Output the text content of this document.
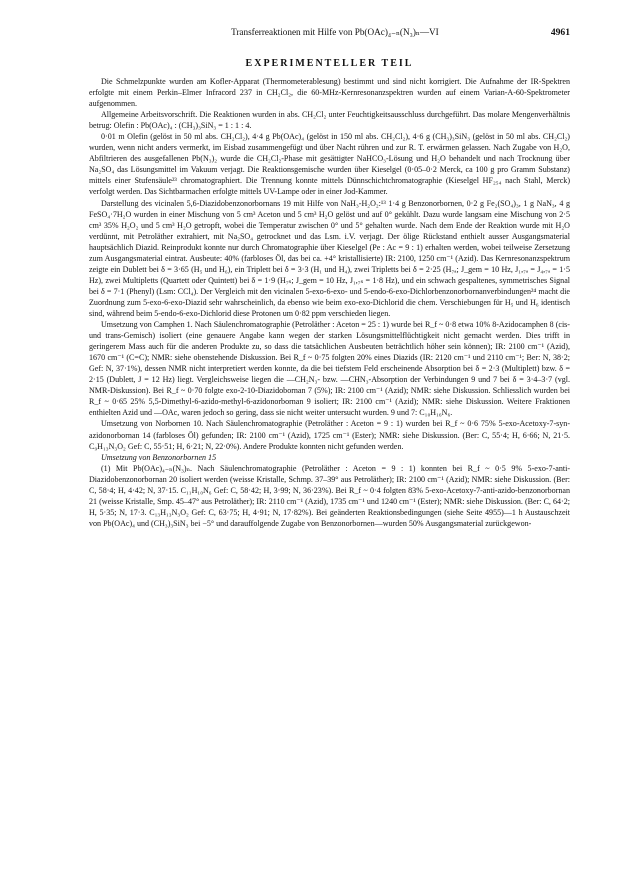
Transferreaktionen mit Hilfe von Pb(OAc)₄₋ₙ(N₃)ₙ—VI	4961
EXPERIMENTELLER TEIL

Die Schmelzpunkte wurden am Kofler-Apparat (Thermometerablesung) bestimmt und sind nicht korrigiert. Die Aufnahme der IR-Spektren erfolgte mit einem Perkin–Elmer Infracord 237 in CH₂Cl₂, die 60-MHz-Kernresonanzspektren wurden auf einem Varian-A-60-Spektrometer aufgenommen.

Allgemeine Arbeitsvorschrift. Die Reaktionen wurden in abs. CH₂Cl₂ unter Feuchtigkeitsausschluss durchgeführt. Das molare Mengenverhältnis betrug: Olefin : Pb(OAc)₄ : (CH₃)₃SiN₃ = 1 : 1 : 4.

0·01 m Olefin (gelöst in 50 ml abs. CH₂Cl₂), 4·4 g Pb(OAc)₄ (gelöst in 150 ml abs. CH₂Cl₂), 4·6 g (CH₃)₃SiN₃ (gelöst in 50 ml abs. CH₂Cl₂) wurden, wenn nicht anders vermerkt, im Eisbad zusammengefügt und über Nacht rühren und zur R. T. erwärmen gelassen. Nach Zugabe von H₂O, Abfiltrieren des ausgefallenen Pb(N₃)₂ wurde die CH₂Cl₂-Phase mit gesättigter NaHCO₃-Lösung und H₂O behandelt und nach Trocknung über Na₂SO₄ das Lösungsmittel im Vakuum verjagt. Die Reaktionsgemische wurden über Kieselgel (0·05–0·2 Merck, ca 100 g pro Gramm Substanz) mittels einer Stufensäule²³ chromatographiert. Die Trennung konnte mittels Dünnschichtchromatographie (Kieselgel HF₂₅₄ nach Stahl, Merck) verfolgt werden. Das Sichtbarmachen erfolgte mittels UV-Lampe oder in einer Jod-Kammer.

Darstellung des vicinalen 5,6-Diazidobenzonorbornans 19 mit Hilfe von NaH₃-H₂O₂:¹³ 1·4 g Benzonorbornen, 0·2 g Fe₂(SO₄)₃, 1 g NaN₃, 4 g FeSO₄·7H₂O wurden in einer Mischung von 5 cm³ Aceton und 5 cm³ H₂O gelöst und auf 0° gekühlt. Dazu wurde langsam eine Mischung von 2·5 cm³ 35% H₂O₂ und 5 cm³ H₂O getropft, wobei die Temperatur zwischen 0° und 5° gehalten wurde. Nach dem Ende der Reaktion wurde mit H₂O verdünnt, mit Petroläther extrahiert, mit Na₂SO₄ getrocknet und das Lsm. i.V. verjagt. Der ölige Rückstand enthielt ausser Ausgangsmaterial hauptsächlich Diazid. Reinprodukt konnte nur durch Chromatographie über Kieselgel (Pe : Ac = 9 : 1) erhalten werden, wobei teilweise Zersetzung zum Ausgangsmaterial eintrat. Ausbeute: 40% (farbloses Öl, das bei ca. +4° kristallisierte) IR: 2100, 1250 cm⁻¹ (Azid). Das Kernresonanzspektrum zeigte ein Dublett bei δ = 3·65 (H₅ und H₆), ein Triplett bei δ = 3·3 (H₁ und H₄), zwei Tripletts bei δ = 2·25 (H₇ₐ; J_gem = 10 Hz, J₁,₇ₐ = J₄,₇ₐ = 1·5 Hz), zwei Multipletts (Quartett oder Quintett) bei δ = 1·9 (H₇ₛ; J_gem = 10 Hz, J₁,₇ₛ = 1·8 Hz), und ein schwach gespaltenes, symmetrisches Signal bei δ = 7·1 (Phenyl) (Lsm: CCl₄). Der Vergleich mit den vicinalen 5-exo-6-exo- und 5-endo-6-exo-Dichlorbenzonorbornanverbindungen²⁴ macht die Zuordnung zum 5-exo-6-exo-Diazid sehr wahrscheinlich, da ebenso wie beim exo-exo-Dichlorid die chem. Verschiebungen für H₅ und H₆ identisch sind, während beim 5-endo-6-exo-Dichlorid diese Protonen um 0·82 ppm verschieden liegen.

Umsetzung von Camphen 1. Nach Säulenchromatographie (Petroläther : Aceton = 25 : 1) wurde bei R_f ~ 0·8 etwa 10% 8-Azidocamphen 8 (cis- und trans-Gemisch) isoliert (eine genauere Angabe kann wegen der starken Lösungsmittelflüchtigkeit nicht gemacht werden. Dies trifft in geringerem Mass auch für die anderen Produkte zu, so dass die tatsächlichen Ausbeuten beträchtlich höher sein können); IR: 2100 cm⁻¹ (Azid), 1670 cm⁻¹ (C=C); NMR: siehe obenstehende Diskussion. Bei R_f ~ 0·75 folgten 20% eines Diazids (IR: 2120 cm⁻¹ und 2110 cm⁻¹; Ber: N, 38·2; Gef: N, 37·1%), dessen NMR nicht interpretiert werden konnte, da die bei tiefstem Feld erscheinende Absorption bei δ = 2·3 (Multiplett) bzw. δ = 2·15 (Dublett, J = 12 Hz) liegt. Vergleichsweise liegen die —CH₂N₃- bzw. —CHN₃-Absorption der Verbindungen 9 und 7 bei δ = 3·4–3·7 (vgl. NMR-Diskussion). Bei R_f ~ 0·70 folgte exo-2-10-Diazidobornan 7 (5%); IR: 2100 cm⁻¹ (Azid); NMR: siehe Diskussion. Schliesslich wurden bei R_f ~ 0·65 25% 5,5-Dimethyl-6-azido-methyl-6-azidonorbornan 9 isoliert; IR: 2100 cm⁻¹ (Azid); NMR: siehe Diskussion. Weitere Fraktionen enthielten Azid und —OAc, waren jedoch so gering, dass sie nicht weiter untersucht wurden. 9 und 7: C₁₀H₁₆N₆.

Umsetzung von Norbornen 10. Nach Säulenchromatographie (Petroläther : Aceton = 9 : 1) wurden bei R_f ~ 0·6 75% 5-exo-Acetoxy-7-syn-azidonorbornan 14 (farbloses Öl) gefunden; IR: 2100 cm⁻¹ (Azid), 1725 cm⁻¹ (Ester); NMR: siehe Diskussion. (Ber: C, 55·4; H, 6·66; N, 21·5. C₉H₁₃N₃O₂ Gef: C, 55·51; H, 6·21; N, 22·0%). Andere Produkte konnten nicht gefunden werden.

Umsetzung von Benzonorbornen 15

(1) Mit Pb(OAc)₄₋ₙ(N₃)ₙ. Nach Säulenchromatographie (Petroläther : Aceton = 9 : 1) konnten bei R_f ~ 0·5 9% 5-exo-7-anti-Diazidobenzonorbornan 20 isoliert werden (weisse Kristalle, Schmp. 37–39° aus Petroläther); IR: 2100 cm⁻¹ (Azid); NMR: siehe Diskussion. (Ber: C, 58·4; H, 4·42; N, 37·15. C₁₁H₁₀N₆ Gef: C, 58·42; H, 3·99; N, 36·23%). Bei R_f ~ 0·4 folgten 83% 5-exo-Acetoxy-7-anti-azido-benzonorbornan 21 (weisse Kristalle, Smp. 45–47° aus Petroläther); IR: 2110 cm⁻¹ (Azid), 1735 cm⁻¹ und 1240 cm⁻¹ (Ester); NMR: siehe Diskussion. (Ber: C, 64·2; H, 5·35; N, 17·3. C₁₃H₁₃N₃O₂ Gef: C, 63·75; H, 4·91; N, 17·82%). Bei geänderten Reaktionsbedingungen (siehe Seite 4955)—1 h Austauschzeit von Pb(OAc)₄ und (CH₃)₃SiN₃ bei −5° und darauffolgende Zugabe von Benzonorbornen—wurden 50% Ausgangsmaterial zurückgewon-
